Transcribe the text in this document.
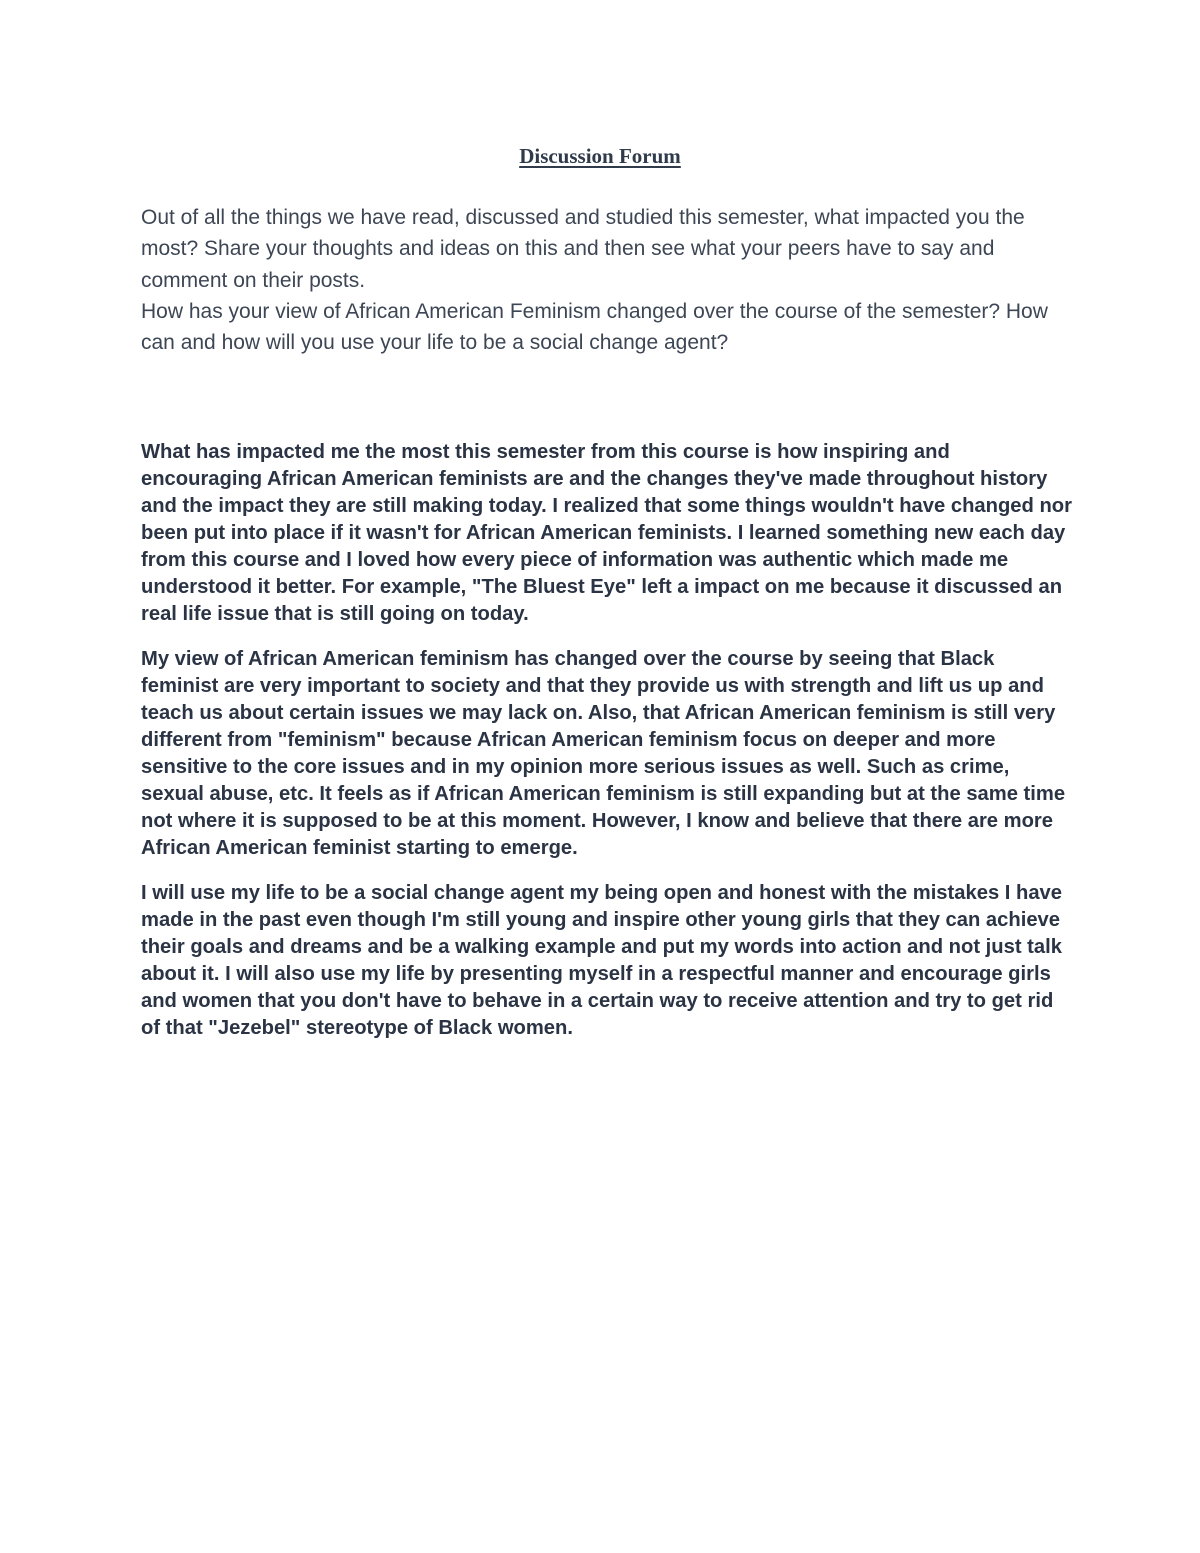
Discussion Forum

Out of all the things we have read, discussed and studied this semester, what impacted you the most? Share your thoughts and ideas on this and then see what your peers have to say and comment on their posts.

How has your view of African American Feminism changed over the course of the semester? How can and how will you use your life to be a social change agent?

What has impacted me the most this semester from this course is how inspiring and encouraging African American feminists are and the changes they've made throughout history and the impact they are still making today. I realized that some things wouldn't have changed nor been put into place if it wasn't for African American feminists. I learned something new each day from this course and I loved how every piece of information was authentic which made me understood it better. For example, "The Bluest Eye" left a impact on me because it discussed an real life issue that is still going on today.

My view of African American feminism has changed over the course by seeing that Black feminist are very important to society and that they provide us with strength and lift us up and teach us about certain issues we may lack on. Also, that African American feminism is still very different from "feminism" because African American feminism focus on deeper and more sensitive to the core issues and in my opinion more serious issues as well. Such as crime, sexual abuse, etc. It feels as if African American feminism is still expanding but at the same time not where it is supposed to be at this moment. However, I know and believe that there are more African American feminist starting to emerge.

I will use my life to be a social change agent my being open and honest with the mistakes I have made in the past even though I'm still young and inspire other young girls that they can achieve their goals and dreams and be a walking example and put my words into action and not just talk about it. I will also use my life by presenting myself in a respectful manner and encourage girls and women that you don't have to behave in a certain way to receive attention and try to get rid of that "Jezebel" stereotype of Black women.
